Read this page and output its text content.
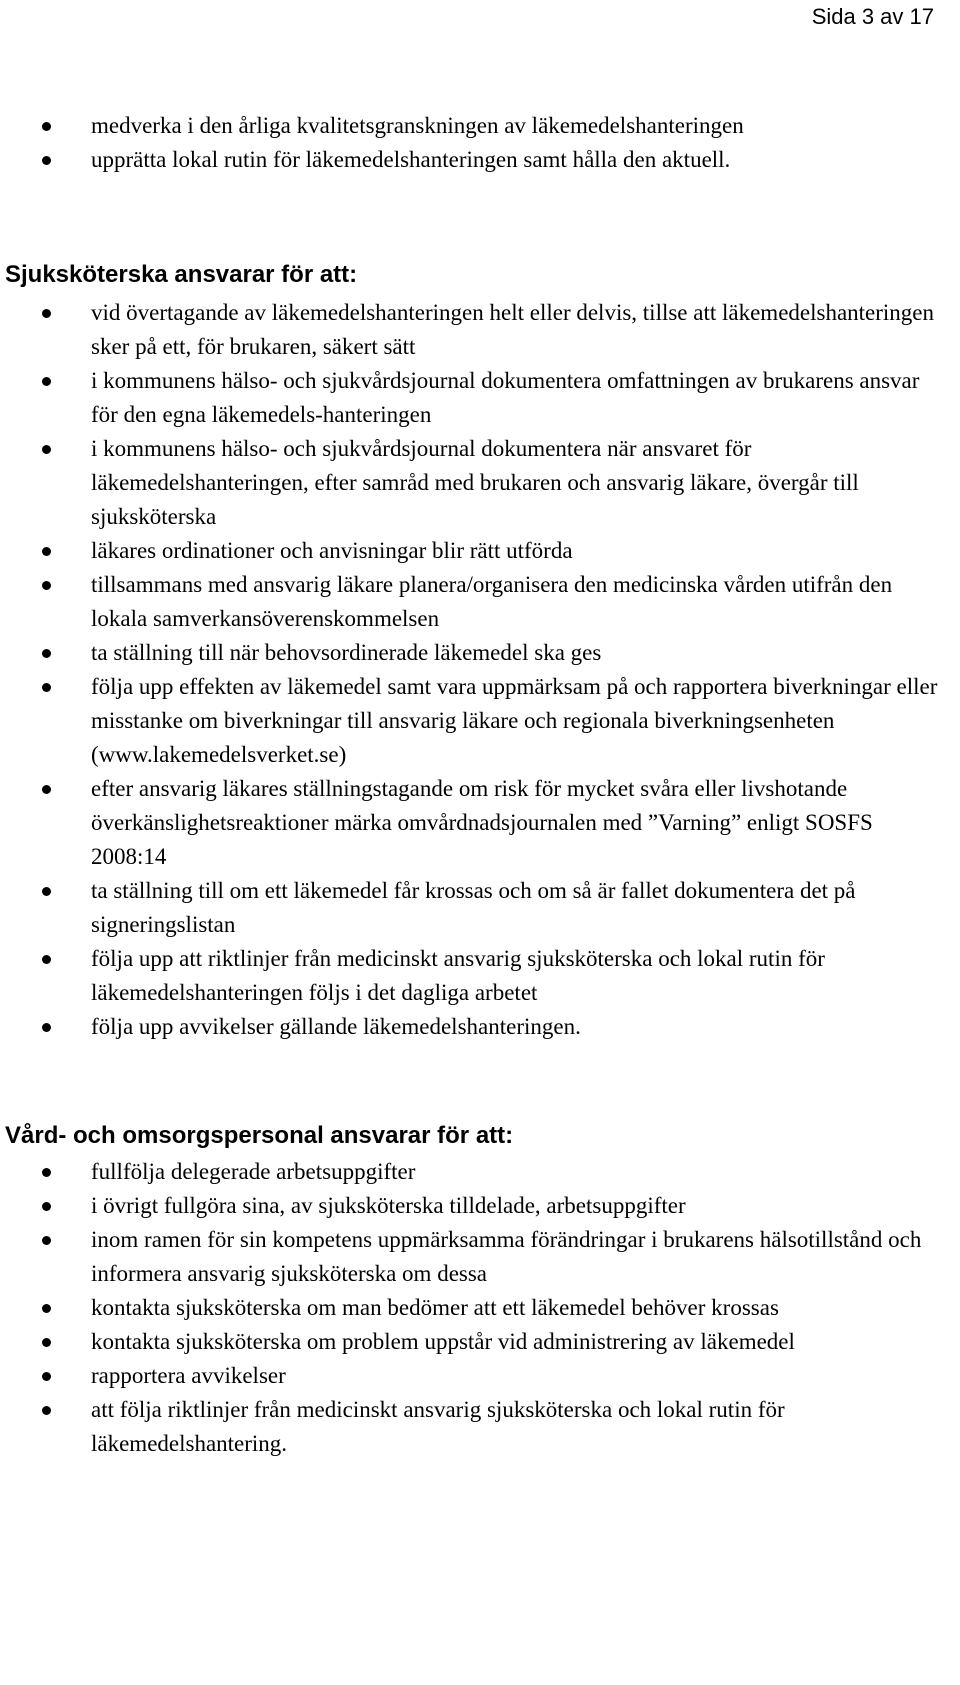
Sida 3 av 17

medverka i den årliga kvalitetsgranskningen av läkemedelshanteringen
upprätta lokal rutin för läkemedelshanteringen samt hålla den aktuell.
Sjuksköterska ansvarar för att:
vid övertagande av läkemedelshanteringen helt eller delvis, tillse att läkemedelshanteringen sker på ett, för brukaren, säkert sätt
i kommunens hälso- och sjukvårdsjournal dokumentera omfattningen av brukarens ansvar för den egna läkemedels-hanteringen
i kommunens hälso- och sjukvårdsjournal dokumentera när ansvaret för läkemedelshanteringen, efter samråd med brukaren och ansvarig läkare, övergår till sjuksköterska
läkares ordinationer och anvisningar blir rätt utförda
tillsammans med ansvarig läkare planera/organisera den medicinska vården utifrån den lokala samverkansöverenskommelsen
ta ställning till när behovsordinerade läkemedel ska ges
följa upp effekten av läkemedel samt vara uppmärksam på och rapportera biverkningar eller misstanke om biverkningar till ansvarig läkare och regionala biverkningsenheten (www.lakemedelsverket.se)
efter ansvarig läkares ställningstagande om risk för mycket svåra eller livshotande överkänslighetsreaktioner märka omvårdnadsjournalen med ”Varning” enligt SOSFS 2008:14
ta ställning till om ett läkemedel får krossas och om så är fallet dokumentera det på signeringslistan
följa upp att riktlinjer från medicinskt ansvarig sjuksköterska och lokal rutin för läkemedelshanteringen följs i det dagliga arbetet
följa upp avvikelser gällande läkemedelshanteringen.
Vård- och omsorgspersonal ansvarar för att:
fullfölja delegerade arbetsuppgifter
i övrigt fullgöra sina, av sjuksköterska tilldelade, arbetsuppgifter
inom ramen för sin kompetens uppmärksamma förändringar i brukarens hälsotillstånd och informera ansvarig sjuksköterska om dessa
kontakta sjuksköterska om man bedömer att ett läkemedel behöver krossas
kontakta sjuksköterska om problem uppstår vid administrering av läkemedel
rapportera avvikelser
att följa riktlinjer från medicinskt ansvarig sjuksköterska och lokal rutin för läkemedelshantering.
